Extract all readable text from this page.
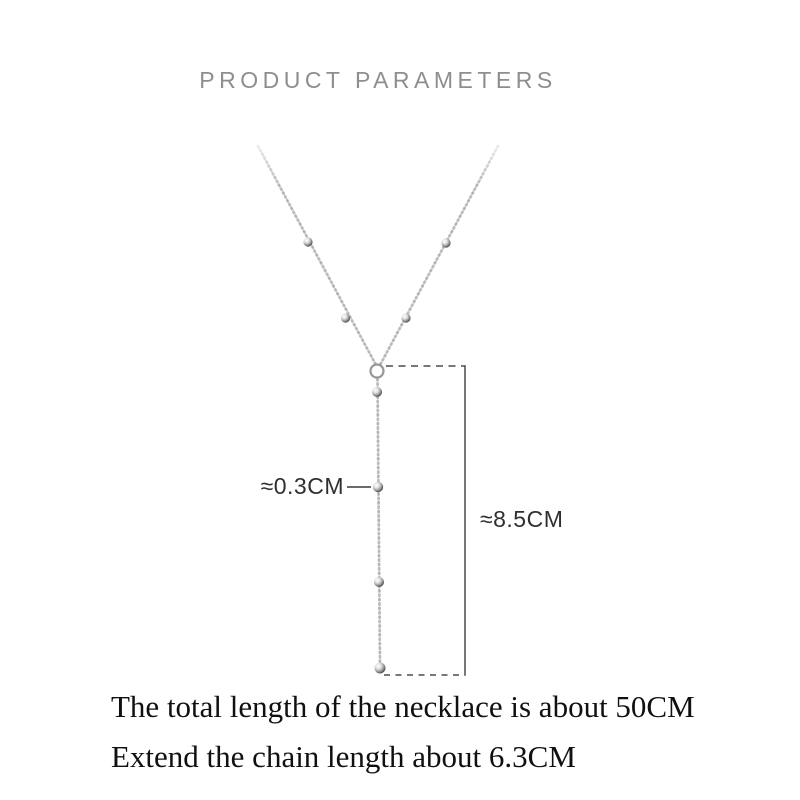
PRODUCT PARAMETERS
≈0.3CM
≈8.5CM
The total length of the necklace is about 50CM
Extend the chain length about 6.3CM
